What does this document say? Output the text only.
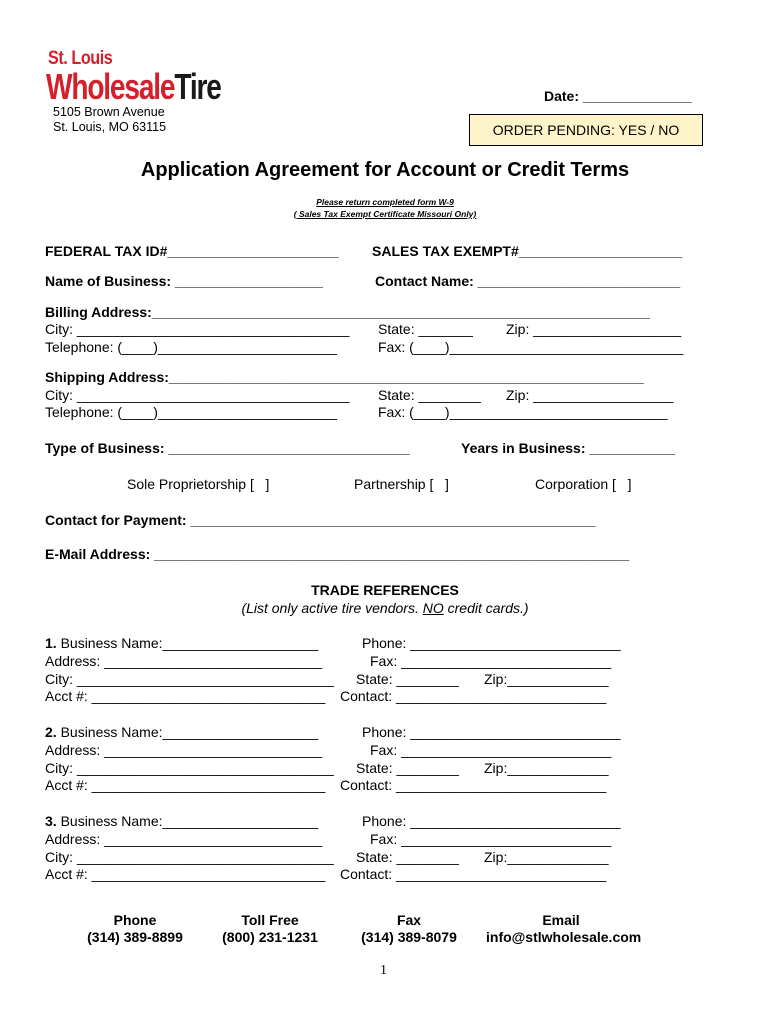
St. Louis
WholesaleTire
5105 Brown Avenue
St. Louis, MO 63115
Date: ______________
ORDER PENDING: YES / NO
Application Agreement for Account or Credit Terms
Please return completed form W-9
( Sales Tax Exempt Certificate Missouri Only)
FEDERAL TAX ID#______________________ SALES TAX EXEMPT#_____________________
Name of Business: ___________________	Contact Name: __________________________
Billing Address:________________________________________________________________
City: ___________________________________ State: _______ Zip: ___________________
Telephone: (____)_______________________	Fax: (____)______________________________
Shipping Address:_____________________________________________________________
City: ___________________________________ State: ________ Zip: __________________
Telephone: (____)_______________________	Fax: (____)____________________________
Type of Business: _______________________________	Years in Business: ___________
Sole Proprietorship [   ]	Partnership [   ]	Corporation [   ]
Contact for Payment: ____________________________________________________
E-Mail Address: _____________________________________________________________
TRADE REFERENCES
(List only active tire vendors. NO credit cards.)
1. Business Name:____________________	Phone: ___________________________
Address: ____________________________	Fax: ___________________________
City: _________________________________ State: ________ Zip:_____________
Acct #: ______________________________ Contact: ___________________________
2. Business Name:____________________	Phone: ___________________________
Address: ____________________________	Fax: ___________________________
City: _________________________________ State: ________ Zip:_____________
Acct #: ______________________________ Contact: ___________________________
3. Business Name:____________________	Phone: ___________________________
Address: ____________________________	Fax: ___________________________
City: _________________________________ State: ________ Zip:_____________
Acct #: ______________________________ Contact: ___________________________
Phone
(314) 389-8899
Toll Free
(800) 231-1231
Fax
(314) 389-8079
Email
info@stlwholesale.com
1
